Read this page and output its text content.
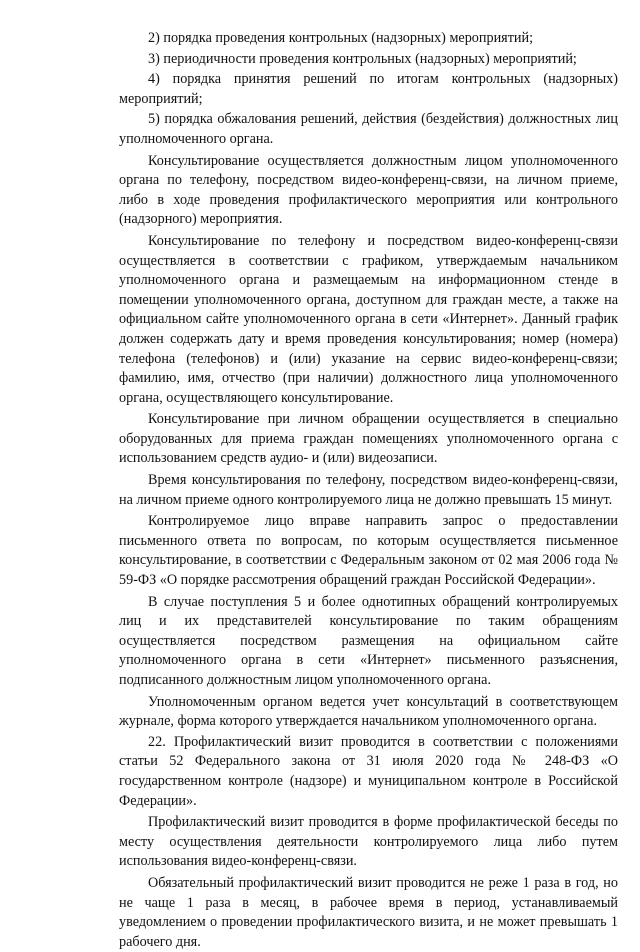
2) порядка проведения контрольных (надзорных) мероприятий;

3) периодичности проведения контрольных (надзорных) мероприятий;

4) порядка принятия решений по итогам контрольных (надзорных) мероприятий;

5) порядка обжалования решений, действия (бездействия) должностных лиц уполномоченного органа.

Консультирование осуществляется должностным лицом уполномоченного органа по телефону, посредством видео-конференц-связи, на личном приеме, либо в ходе проведения профилактического мероприятия или контрольного (надзорного) мероприятия.

Консультирование по телефону и посредством видео-конференц-связи осуществляется в соответствии с графиком, утверждаемым начальником уполномоченного органа и размещаемым на информационном стенде в помещении уполномоченного органа, доступном для граждан месте, а также на официальном сайте уполномоченного органа в сети «Интернет». Данный график должен содержать дату и время проведения консультирования; номер (номера) телефона (телефонов) и (или) указание на сервис видео-конференц-связи; фамилию, имя, отчество (при наличии) должностного лица уполномоченного органа, осуществляющего консультирование.

Консультирование при личном обращении осуществляется в специально оборудованных для приема граждан помещениях уполномоченного органа с использованием средств аудио- и (или) видеозаписи.

Время консультирования по телефону, посредством видео-конференц-связи, на личном приеме одного контролируемого лица не должно превышать 15 минут.

Контролируемое лицо вправе направить запрос о предоставлении письменного ответа по вопросам, по которым осуществляется письменное консультирование, в соответствии с Федеральным законом от 02 мая 2006 года № 59-ФЗ «О порядке рассмотрения обращений граждан Российской Федерации».

В случае поступления 5 и более однотипных обращений контролируемых лиц и их представителей консультирование по таким обращениям осуществляется посредством размещения на официальном сайте уполномоченного органа в сети «Интернет» письменного разъяснения, подписанного должностным лицом уполномоченного органа.

Уполномоченным органом ведется учет консультаций в соответствующем журнале, форма которого утверждается начальником уполномоченного органа.

22. Профилактический визит проводится в соответствии с положениями статьи 52 Федерального закона от 31 июля 2020 года № 248-ФЗ «О государственном контроле (надзоре) и муниципальном контроле в Российской Федерации».

Профилактический визит проводится в форме профилактической беседы по месту осуществления деятельности контролируемого лица либо путем использования видео-конференц-связи.

Обязательный профилактический визит проводится не реже 1 раза в год, но не чаще 1 раза в месяц, в рабочее время в период, устанавливаемый уведомлением о проведении профилактического визита, и не может превышать 1 рабочего дня.
